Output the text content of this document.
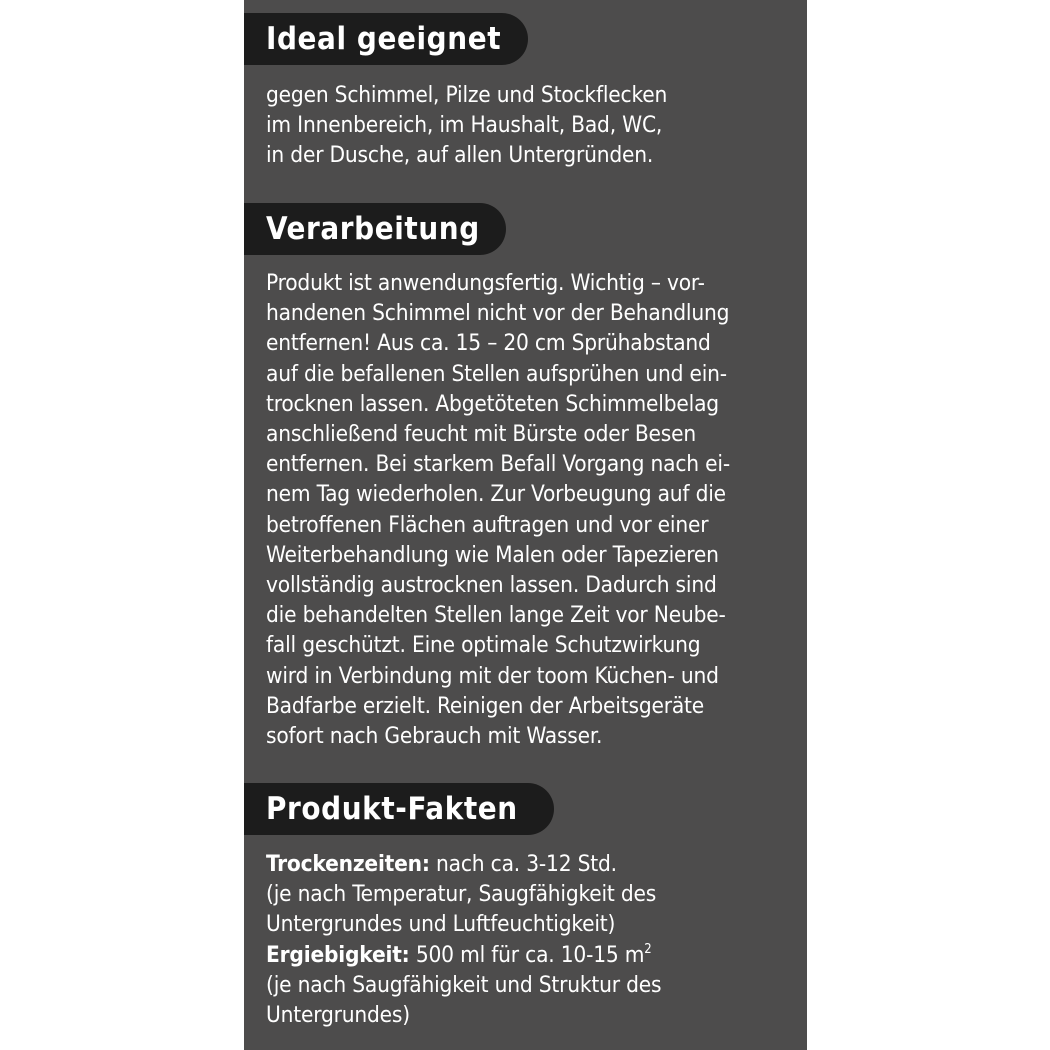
Ideal geeignet
gegen Schimmel, Pilze und Stockflecken
im Innenbereich, im Haushalt, Bad, WC,
in der Dusche, auf allen Untergründen.
Verarbeitung
Produkt ist anwendungsfertig. Wichtig – vor-
handenen Schimmel nicht vor der Behandlung
entfernen! Aus ca. 15 – 20 cm Sprühabstand
auf die befallenen Stellen aufsprühen und ein-
trocknen lassen. Abgetöteten Schimmelbelag
anschließend feucht mit Bürste oder Besen
entfernen. Bei starkem Befall Vorgang nach ei-
nem Tag wiederholen. Zur Vorbeugung auf die
betroffenen Flächen auftragen und vor einer
Weiterbehandlung wie Malen oder Tapezieren
vollständig austrocknen lassen. Dadurch sind
die behandelten Stellen lange Zeit vor Neube-
fall geschützt. Eine optimale Schutzwirkung
wird in Verbindung mit der toom Küchen- und
Badfarbe erzielt. Reinigen der Arbeitsgeräte
sofort nach Gebrauch mit Wasser.
Produkt-Fakten
Trockenzeiten: nach ca. 3-12 Std.
(je nach Temperatur, Saugfähigkeit des
Untergrundes und Luftfeuchtigkeit)
Ergiebigkeit: 500 ml für ca. 10-15 $m^2$
(je nach Saugfähigkeit und Struktur des
Untergrundes)
